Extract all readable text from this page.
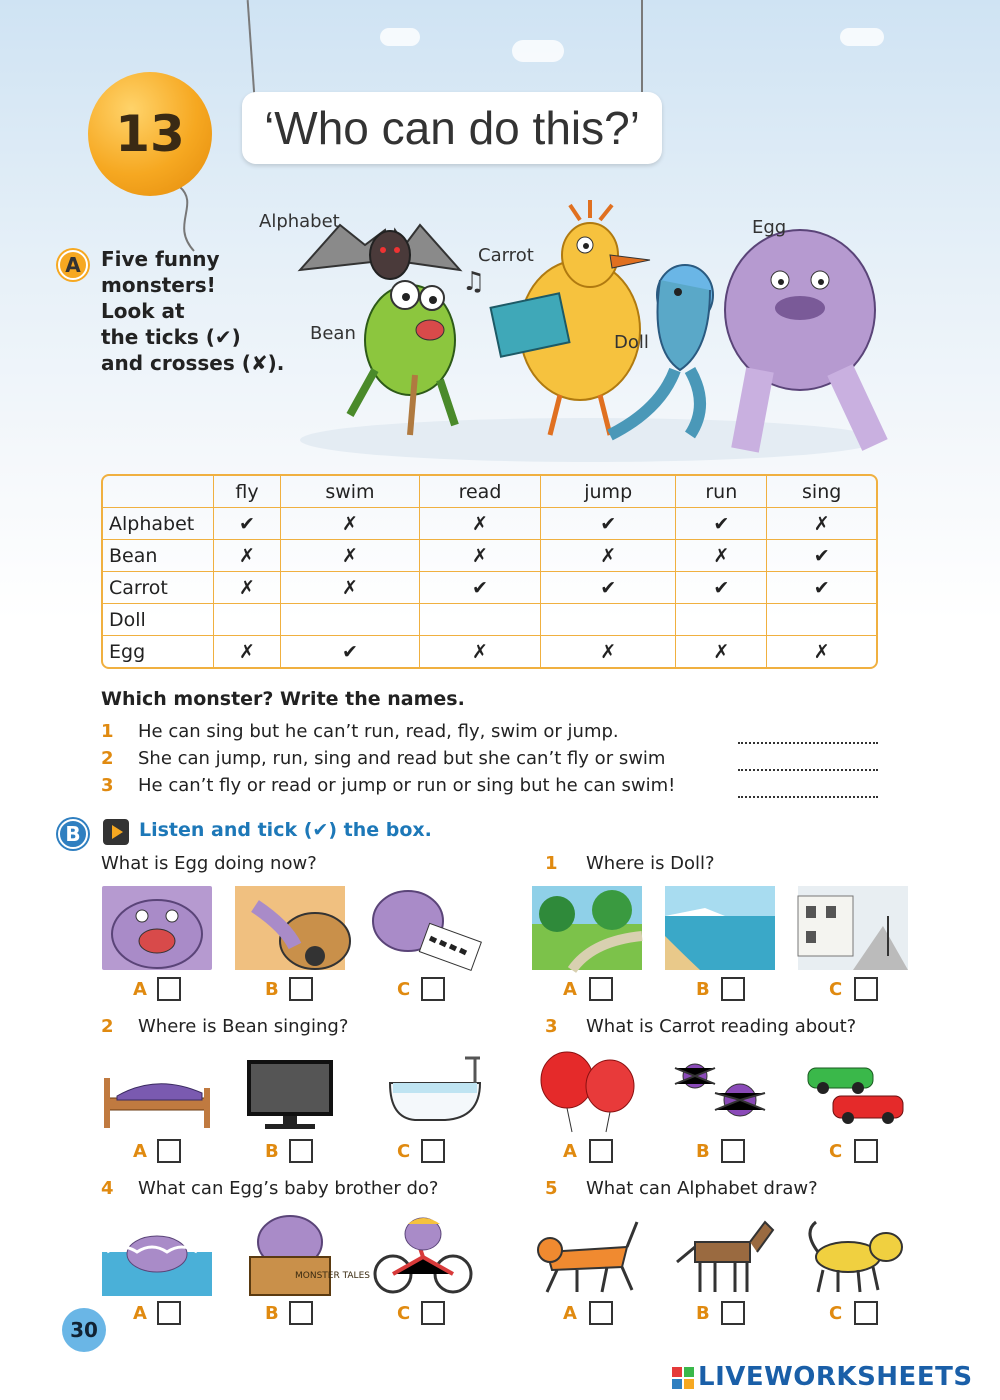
13 ‘Who can do this?’
A Five funny
monsters!
Look at
the ticks (✔)
and crosses (✘).
♫
Alphabet
Carrot
Egg
Bean	Doll
	fly	swim	read	jump	run	sing
Alphabet	✔	✗	✗	✔	✔	✗
Bean	✗	✗	✗	✗	✗	✔
Carrot	✗	✗	✔	✔	✔	✔
Doll						
Egg	✗	✔	✗	✗	✗	✗
Which monster? Write the names.
1 He can sing but he can’t run, read, fly, swim or jump.
2 She can jump, run, sing and read but she can’t fly or swim
3 He can’t fly or read or jump or run or sing but he can swim!
B	Listen and tick (✔) the box.
What is Egg doing now?
A	B	C
1 Where is Doll?
A	B	C
2 Where is Bean singing?
A	B	C
3 What is Carrot reading about?
A	B	C
4 What can Egg’s baby brother do?
MONSTER TALES
A	B	C
5 What can Alphabet draw?
A	B	C
30
LIVEWORKSHEETS
